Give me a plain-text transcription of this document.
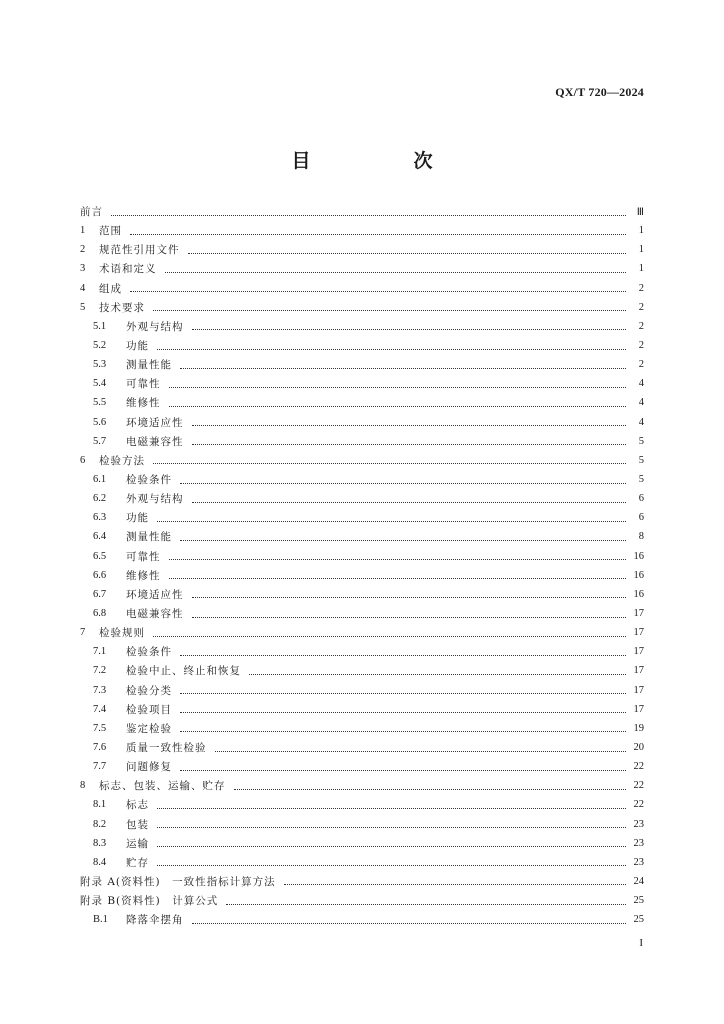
QX/T 720—2024
目　次
前言	Ⅲ
1	范围	1
2	规范性引用文件	1
3	术语和定义	1
4	组成	2
5	技术要求	2
5.1	外观与结构	2
5.2	功能	2
5.3	测量性能	2
5.4	可靠性	4
5.5	维修性	4
5.6	环境适应性	4
5.7	电磁兼容性	5
6	检验方法	5
6.1	检验条件	5
6.2	外观与结构	6
6.3	功能	6
6.4	测量性能	8
6.5	可靠性	16
6.6	维修性	16
6.7	环境适应性	16
6.8	电磁兼容性	17
7	检验规则	17
7.1	检验条件	17
7.2	检验中止、终止和恢复	17
7.3	检验分类	17
7.4	检验项目	17
7.5	鉴定检验	19
7.6	质量一致性检验	20
7.7	问题修复	22
8	标志、包装、运输、贮存	22
8.1	标志	22
8.2	包装	23
8.3	运输	23
8.4	贮存	23
附录 A(资料性)　一致性指标计算方法	24
附录 B(资料性)　计算公式	25
B.1	降落伞摆角	25
I
